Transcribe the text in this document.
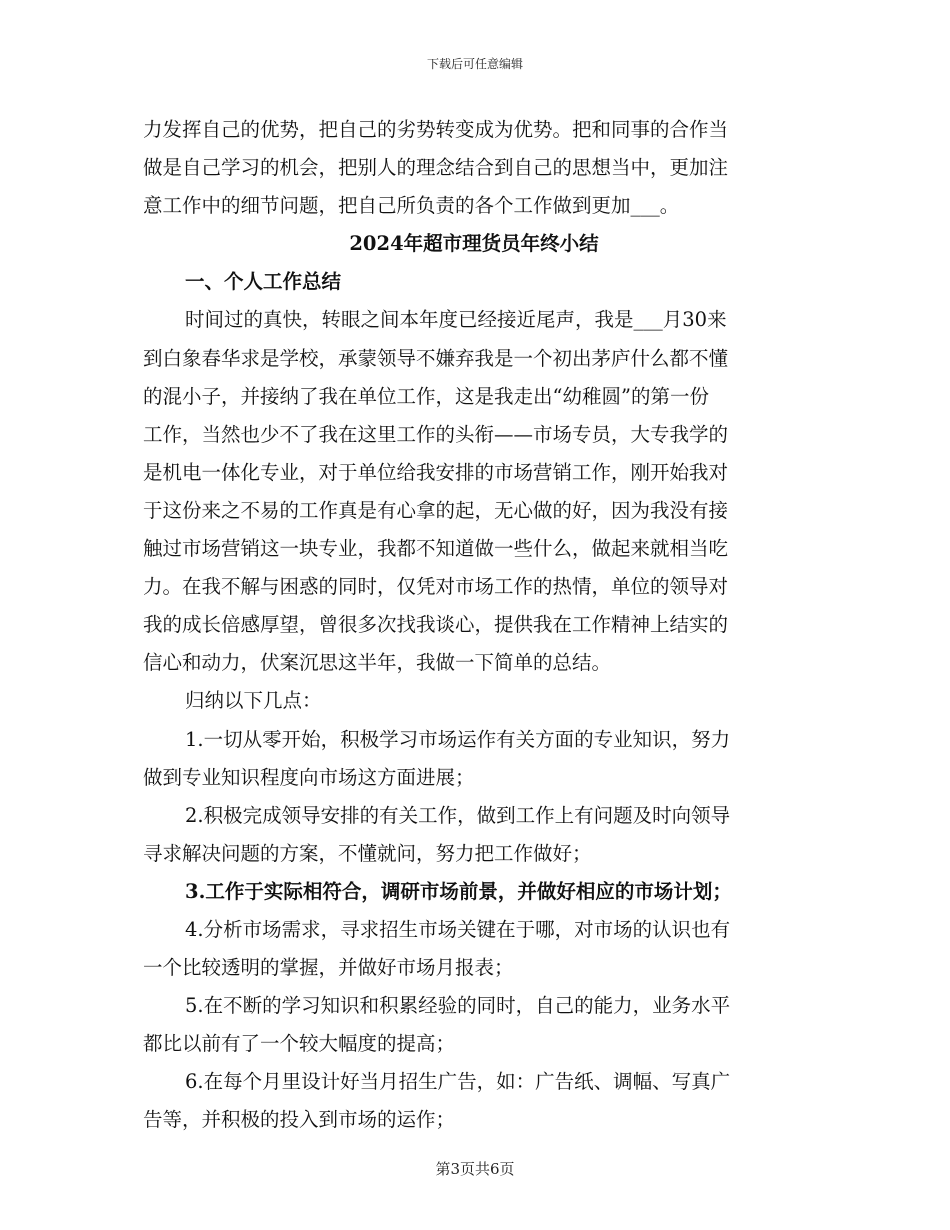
下载后可任意编辑

力发挥自己的优势，把自己的劣势转变成为优势。把和同事的合作当

做是自己学习的机会，把别人的理念结合到自己的思想当中，更加注

意工作中的细节问题，把自己所负责的各个工作做到更加___。

2024年超市理货员年终小结

一、个人工作总结

时间过的真快，转眼之间本年度已经接近尾声，我是___月30来

到白象春华求是学校，承蒙领导不嫌弃我是一个初出茅庐什么都不懂

的混小子，并接纳了我在单位工作，这是我走出“幼稚圆”的第一份

工作，当然也少不了我在这里工作的头衔——市场专员，大专我学的

是机电一体化专业，对于单位给我安排的市场营销工作，刚开始我对

于这份来之不易的工作真是有心拿的起，无心做的好，因为我没有接

触过市场营销这一块专业，我都不知道做一些什么，做起来就相当吃

力。在我不解与困惑的同时，仅凭对市场工作的热情，单位的领导对

我的成长倍感厚望，曾很多次找我谈心，提供我在工作精神上结实的

信心和动力，伏案沉思这半年，我做一下简单的总结。

归纳以下几点：

1.一切从零开始，积极学习市场运作有关方面的专业知识，努力

做到专业知识程度向市场这方面进展；

2.积极完成领导安排的有关工作，做到工作上有问题及时向领导

寻求解决问题的方案，不懂就问，努力把工作做好；

3.工作于实际相符合，调研市场前景，并做好相应的市场计划；

4.分析市场需求，寻求招生市场关键在于哪，对市场的认识也有

一个比较透明的掌握，并做好市场月报表；

5.在不断的学习知识和积累经验的同时，自己的能力，业务水平

都比以前有了一个较大幅度的提高；

6.在每个月里设计好当月招生广告，如：广告纸、调幅、写真广

告等，并积极的投入到市场的运作；

第3页共6页
